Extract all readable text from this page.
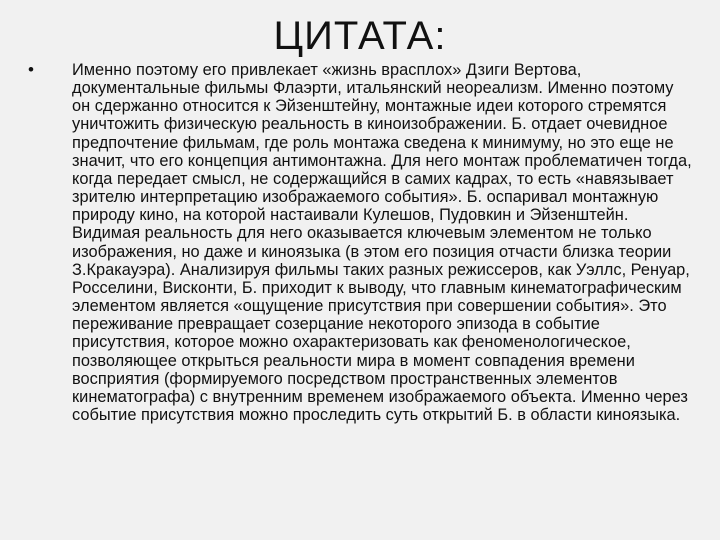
ЦИТАТА:
• Именно поэтому его привлекает «жизнь врасплох» Дзиги Вертова, документальные фильмы Флаэрти, итальянский неореализм. Именно поэтому он сдержанно относится к Эйзенштейну, монтажные идеи которого стремятся уничтожить физическую реальность в киноизображении. Б. отдает очевидное предпочтение фильмам, где роль монтажа сведена к минимуму, но это еще не значит, что его концепция антимонтажна. Для него монтаж проблематичен тогда, когда передает смысл, не содержащийся в самих кадрах, то есть «навязывает зрителю интерпретацию изображаемого события». Б. оспаривал монтажную природу кино, на которой настаивали Кулешов, Пудовкин и Эйзенштейн. Видимая реальность для него оказывается ключевым элементом не только изображения, но даже и киноязыка (в этом его позиция отчасти близка теории З.Кракауэра). Анализируя фильмы таких разных режиссеров, как Уэллс, Ренуар, Росселини, Висконти, Б. приходит к выводу, что главным кинематографическим элементом является «ощущение присутствия при совершении события». Это переживание превращает созерцание некоторого эпизода в событие присутствия, которое можно охарактеризовать как феноменологическое, позволяющее открыться реальности мира в момент совпадения времени восприятия (формируемого посредством пространственных элементов кинематографа) с внутренним временем изображаемого объекта. Именно через событие присутствия можно проследить суть открытий Б. в области киноязыка.
